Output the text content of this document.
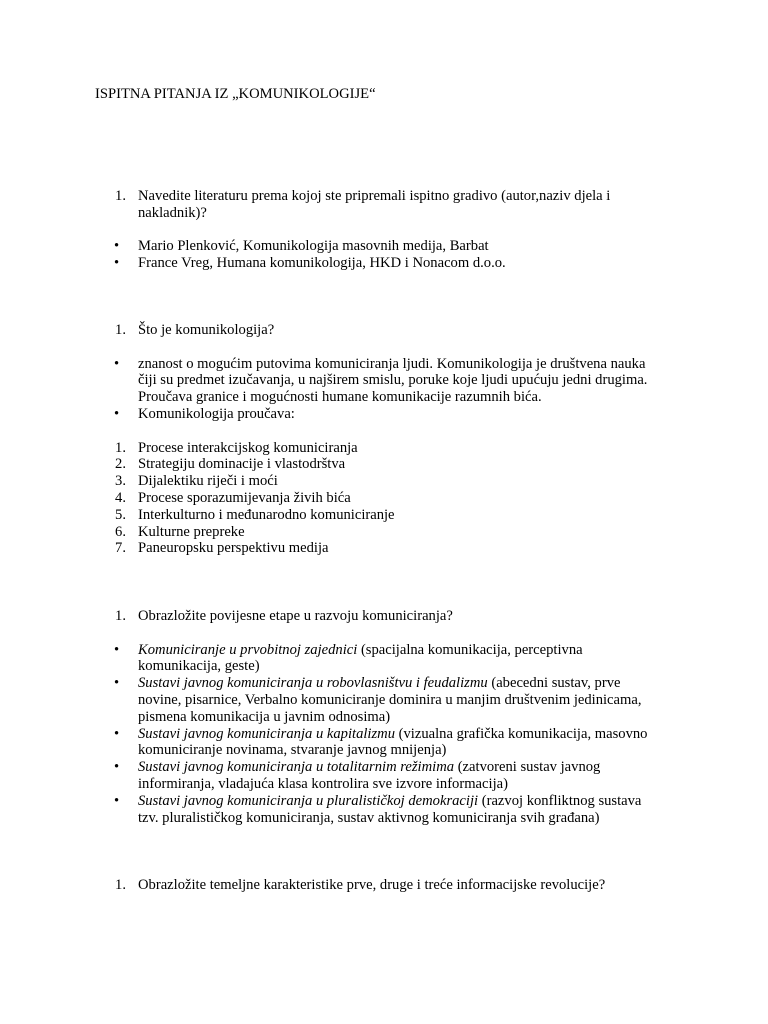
ISPITNA PITANJA IZ „KOMUNIKOLOGIJE“
1. Navedite literaturu prema kojoj ste pripremali ispitno gradivo (autor,naziv djela i nakladnik)?
•	Mario Plenković, Komunikologija masovnih medija, Barbat
•	France Vreg, Humana komunikologija, HKD i Nonacom d.o.o.
1. Što je komunikologija?
•	znanost o mogućim putovima komuniciranja ljudi. Komunikologija je društvena nauka čiji su predmet izučavanja, u najširem smislu, poruke koje ljudi upućuju jedni drugima. Proučava granice i mogućnosti humane komunikacije razumnih bića.
•	Komunikologija proučava:
1. Procese interakcijskog komuniciranja
2. Strategiju dominacije i vlastodrštva
3. Dijalektiku riječi i moći
4. Procese sporazumijevanja živih bića
5. Interkulturno i međunarodno komuniciranje
6. Kulturne prepreke
7. Paneuropsku perspektivu medija
1. Obrazložite povijesne etape u razvoju komuniciranja?
•	Komuniciranje u prvobitnoj zajednici (spacijalna komunikacija, perceptivna komunikacija, geste)
•	Sustavi javnog komuniciranja u robovlasništvu i feudalizmu (abecedni sustav, prve novine, pisarnice, Verbalno komuniciranje dominira u manjim društvenim jedinicama, pismena komunikacija u javnim odnosima)
•	Sustavi javnog komuniciranja u kapitalizmu (vizualna grafička komunikacija, masovno komuniciranje novinama, stvaranje javnog mnijenja)
•	Sustavi javnog komuniciranja u totalitarnim režimima (zatvoreni sustav javnog informiranja, vladajuća klasa kontrolira sve izvore informacija)
•	Sustavi javnog komuniciranja u pluralističkoj demokraciji (razvoj konfliktnog sustava tzv. pluralističkog komuniciranja, sustav aktivnog komuniciranja svih građana)
1. Obrazložite temeljne karakteristike prve, druge i treće informacijske revolucije?
